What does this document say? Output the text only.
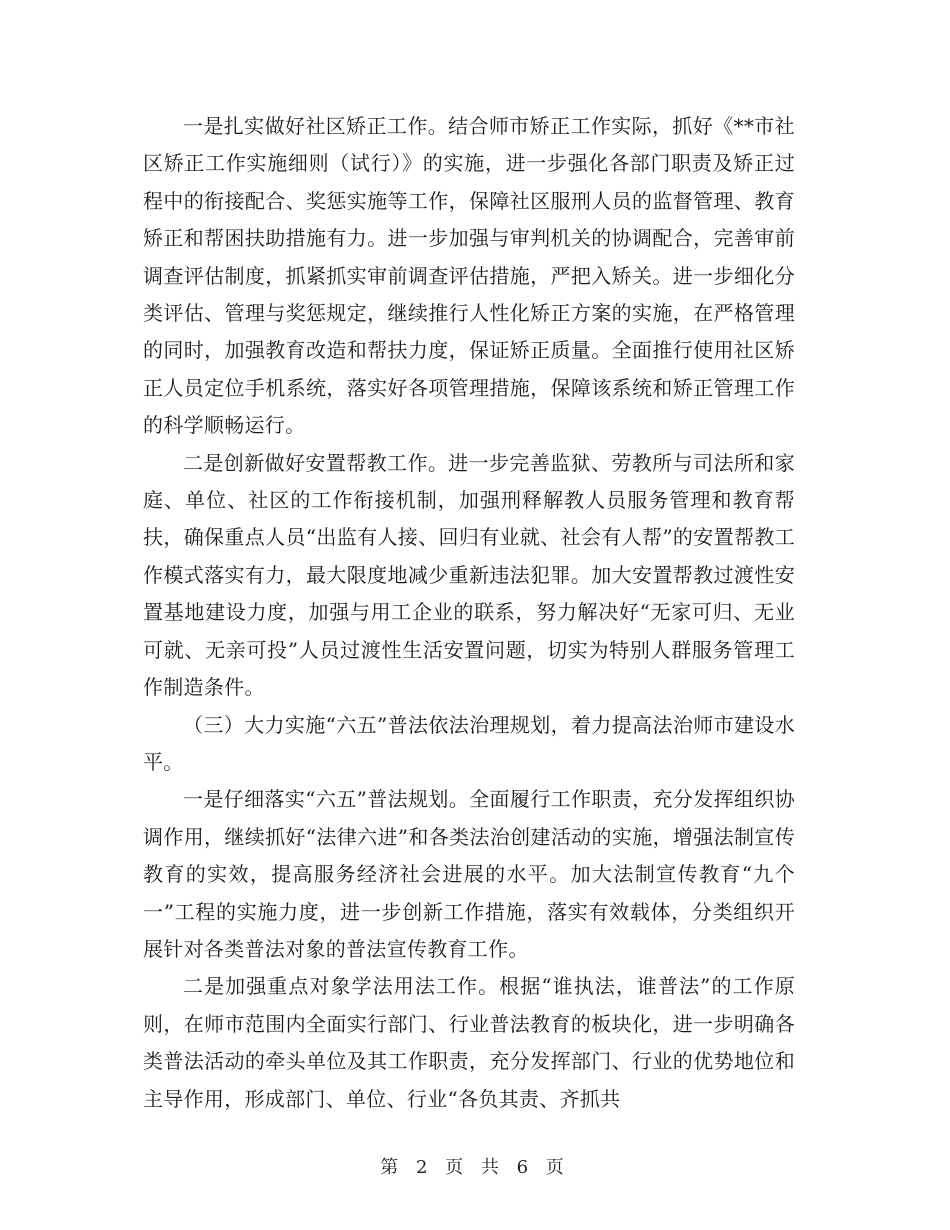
一是扎实做好社区矫正工作。结合师市矫正工作实际，抓好《**市社区矫正工作实施细则（试行）》的实施，进一步强化各部门职责及矫正过程中的衔接配合、奖惩实施等工作，保障社区服刑人员的监督管理、教育矫正和帮困扶助措施有力。进一步加强与审判机关的协调配合，完善审前调查评估制度，抓紧抓实审前调查评估措施，严把入矫关。进一步细化分类评估、管理与奖惩规定，继续推行人性化矫正方案的实施，在严格管理的同时，加强教育改造和帮扶力度，保证矫正质量。全面推行使用社区矫正人员定位手机系统，落实好各项管理措施，保障该系统和矫正管理工作的科学顺畅运行。

二是创新做好安置帮教工作。进一步完善监狱、劳教所与司法所和家庭、单位、社区的工作衔接机制，加强刑释解教人员服务管理和教育帮扶，确保重点人员“出监有人接、回归有业就、社会有人帮”的安置帮教工作模式落实有力，最大限度地减少重新违法犯罪。加大安置帮教过渡性安置基地建设力度，加强与用工企业的联系，努力解决好“无家可归、无业可就、无亲可投”人员过渡性生活安置问题，切实为特别人群服务管理工作制造条件。

（三）大力实施“六五”普法依法治理规划，着力提高法治师市建设水平。

一是仔细落实“六五”普法规划。全面履行工作职责，充分发挥组织协调作用，继续抓好“法律六进”和各类法治创建活动的实施，增强法制宣传教育的实效，提高服务经济社会进展的水平。加大法制宣传教育“九个一”工程的实施力度，进一步创新工作措施，落实有效载体，分类组织开展针对各类普法对象的普法宣传教育工作。

二是加强重点对象学法用法工作。根据“谁执法，谁普法”的工作原则，在师市范围内全面实行部门、行业普法教育的板块化，进一步明确各类普法活动的牵头单位及其工作职责，充分发挥部门、行业的优势地位和主导作用，形成部门、单位、行业“各负其责、齐抓共

第 2 页 共 6 页
